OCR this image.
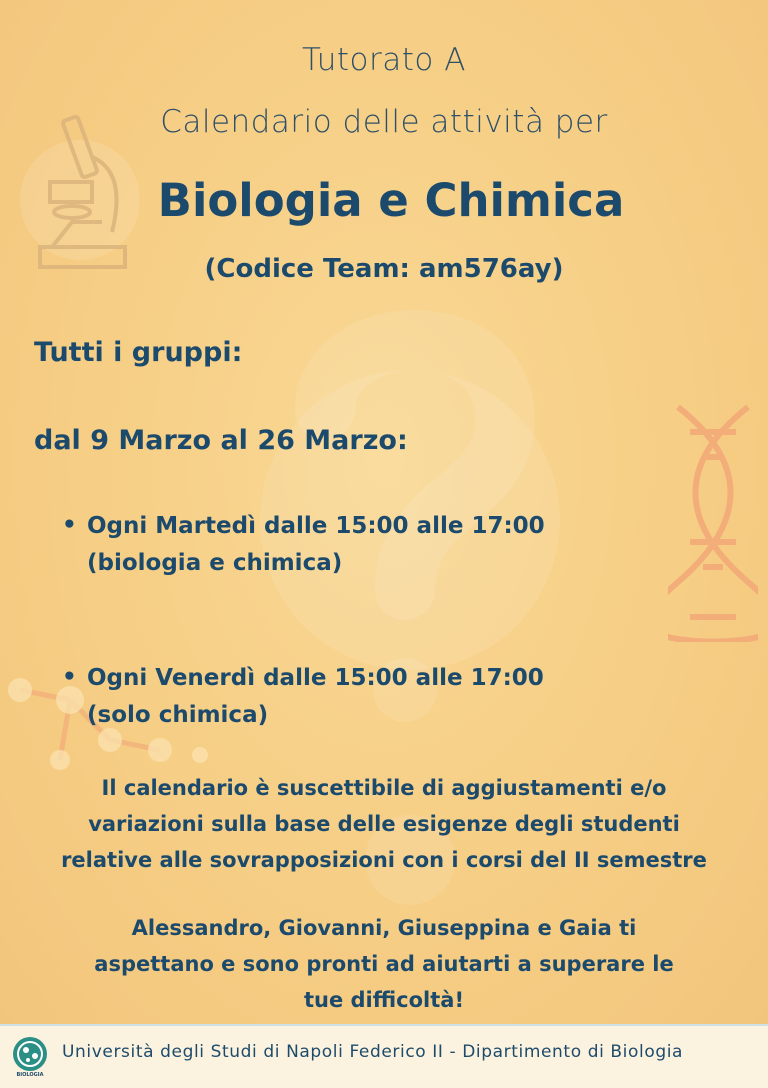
Tutorato A
Calendario delle attività per
Biologia e Chimica
(Codice Team: am576ay)
Tutti i gruppi:
dal 9 Marzo al 26 Marzo:
• Ogni Martedì dalle 15:00 alle 17:00
(biologia e chimica)
• Ogni Venerdì dalle 15:00 alle 17:00
(solo chimica)
Il calendario è suscettibile di aggiustamenti e/o
variazioni sulla base delle esigenze degli studenti
relative alle sovrapposizioni con i corsi del II semestre
Alessandro, Giovanni, Giuseppina e Gaia ti
aspettano e sono pronti ad aiutarti a superare le
tue difficoltà!
BIOLOGIA
Università degli Studi di Napoli Federico II - Dipartimento di Biologia
